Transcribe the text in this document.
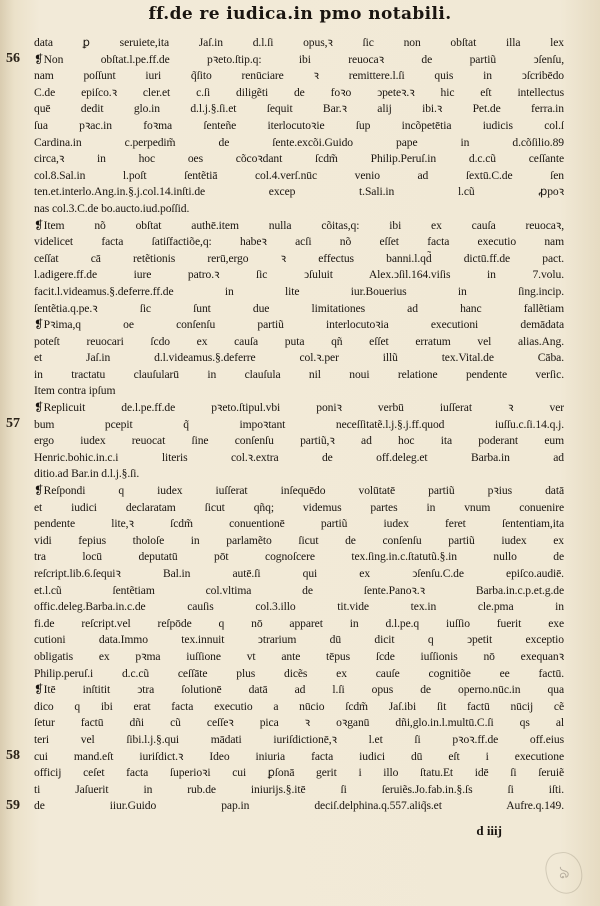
ff.de re iudica.in pmo notabili.
data ꝑ seruiete,ita Jaſ.in d.l.ſi opus,ꝛ ſic non obſtat illa lex
❡Non obſtat.l.pe.ff.de pꝛeto.ſtip.q: ibi reuocaꝛ de partiũ ↄſenſu,
nam poſſunt iuri q̃ſito renūciare ꝛ remittere.l.ſi quis in ↄſcribēdo
C.de epiſco.ꝛ cler.et c.ſi diligẽti de foꝛo ↄpeteꝛ.ꝛ hic eſt intellectus
quē dedit glo.in d.l.j.§.ſi.et ſequit Bar.ꝛ alij ibi.ꝛ Pet.de ferra.in
ſua pꝛac.in foꝛma ſenteñe iterlocutoꝛie ſup incõpetētia iudicis col.ſ
Cardina.in c.perpedim̃ de ſente.excõi.Guido pape in d.cõſilio.89
circa,ꝛ in hoc oes cõcoꝛdant ſcdm̃ Philip.Peruſ.in d.c.cũ ceſſante
col.8.Sal.in l.poſt ſentẽtiā col.4.verſ.nūc venio ad ſextū.C.de ſen
ten.et.interlo.Ang.in.§.j.col.14.inſti.de excep t.Sali.in l.cũ ꝓpoꝛ
nas col.3.C.de bo.aucto.iud.poſſid.
❡Item nõ obſtat authē.item nulla cõitas,q: ibi ex cauſa reuocaꝛ,
videlicet facta ſatiſfactiõe,q: habeꝛ acſi nõ eſſet facta executio nam
ceſſat cā retẽtionis rerū,ergo ꝛ effectus banni.l.qd̃ dictū.ff.de pact.
l.adigere.ff.de iure patro.ꝛ ſic ↄſuluit Alex.ↄſil.164.viſis in 7.volu.
facit.l.videamus.§.deferre.ff.de in lite iur.Bouerius in ſing.incip.
ſentẽtia.q.pe.ꝛ ſic ſunt due limitationes ad hanc fallẽtiam
❡Pꝛima,q oe conſenſu partiũ interlocutoꝛia executioni demādata
poteſt reuocari ſcdo ex cauſa puta qñ eſſet erratum vel alias.Ang.
et Jaſ.in d.l.videamus.§.deferre col.ꝛ.per illũ tex.Vital.de Cāba.
in tractatu clauſularū in clauſula nil noui relatione pendente verſic.
Item contra ipſum
❡Replicuit de.l.pe.ff.de pꝛeto.ſtipul.vbi poniꝛ verbū iuſſerat ꝛ ver
bum pcepit q̃ impoꝛtant neceſſitatẽ.l.j.§.j.ff.quod iuſſu.c.ſi.14.q.j.
ergo iudex reuocat ſine conſenſu partiũ,ꝛ ad hoc ita poderant eum
Henric.bohic.in.c.i literis col.ꝛ.extra de off.deleg.et Barba.in ad
ditio.ad Bar.in d.l.j.§.ſi.
❡Reſpondi q iudex iuſſerat inſequēdo volūtatē partiũ pꝛius datā
et iudici declaratam ſicut qñq; videmus partes in vnum conuenire
pendente lite,ꝛ ſcdm̃ conuentionē partiũ iudex feret ſententiam,ita
vidi fepius tholoſe in parlamẽto ſicut de conſenſu partiũ iudex ex
tra locū deputatū pōt cognoſcere tex.ſing.in.c.ſtatutũ.§.in nullo de
reſcript.lib.6.ſequiꝛ Bal.in autē.ſi qui ex ↄſenſu.C.de epiſco.audiē.
et.l.cũ ſentẽtiam col.vltima de ſente.Panoꝛ.ꝛ Barba.in.c.p.et.g.de
offic.deleg.Barba.in.c.de cauſis col.3.illo tit.vide tex.in cle.pma in
fi.de reſcript.vel reſpōde q nō apparet in d.l.pe.q iuſſio fuerit exe
cutioni data.Immo tex.innuit ↄtrarium dū dicit q ↄpetit exceptio
obligatis ex pꝛma iuſſione vt ante tēpus ſcde iuſſionis nō exequanꝛ
Philip.peruſ.i d.c.cũ ceſſāte plus dicẽs ex cauſe cognitiõe ee factū.
❡Itē inſtitit ↄtra ſolutionē datā ad l.ſi opus de operno.nūc.in qua
dico q ibi erat facta executio a nūcio ſcdm̃ Jaſ.ibi ſit factū nūcij cẽ
ſetur factū dñi cũ ceſſeꝛ pica ꝛ oꝛganū dñi,glo.in.l.multū.C.ſi qs al
teri vel ſibi.l.j.§.qui mādati iuriſdictionē,ꝛ l.et ſi pꝛoꝛ.ff.de off.eius
cui mand.eſt iuriſdict.ꝛ Ideo iniuria facta iudici dū eſt i executione
officij ceſet facta ſuperioꝛi cui ꝑſonā gerit i illo ſtatu.Et idē ſi ſeruiẽ
ti Jaſuerit in rub.de iniurijs.§.itē ſi ſeruiẽs.Jo.fab.in.§.ſs ſi iſti.
de iiur.Guido pap.in deciſ.delphina.q.557.aliq̃s.et Aufre.q.149.
56
57
58
59
d iiij
ঌ
